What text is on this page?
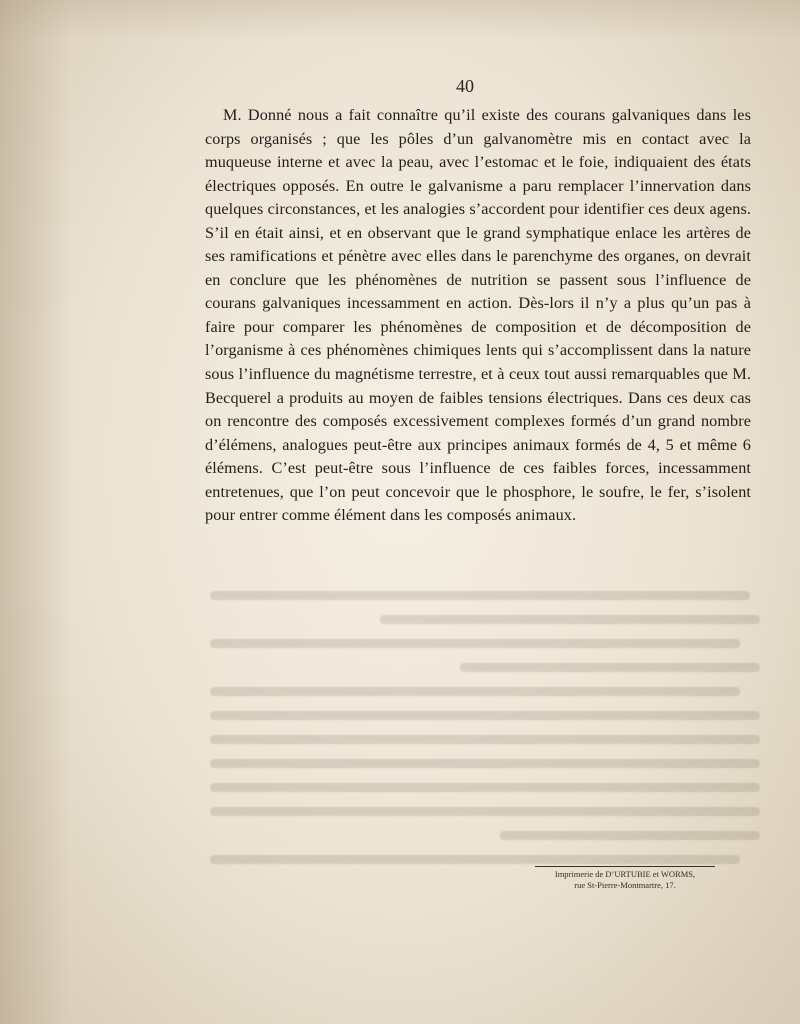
40

M. Donné nous a fait connaître qu’il existe des courans galvaniques dans les corps organisés ; que les pôles d’un galvanomètre mis en contact avec la muqueuse interne et avec la peau, avec l’estomac et le foie, indiquaient des états électriques opposés. En outre le galvanisme a paru remplacer l’innervation dans quelques circonstances, et les analogies s’accordent pour identifier ces deux agens. S’il en était ainsi, et en observant que le grand symphatique enlace les artères de ses ramifications et pénètre avec elles dans le parenchyme des organes, on devrait en conclure que les phénomènes de nutrition se passent sous l’influence de courans galvaniques incessamment en action. Dès-lors il n’y a plus qu’un pas à faire pour comparer les phénomènes de composition et de décomposition de l’organisme à ces phénomènes chimiques lents qui s’accomplissent dans la nature sous l’influence du magnétisme terrestre, et à ceux tout aussi remarquables que M. Becquerel a produits au moyen de faibles tensions électriques. Dans ces deux cas on rencontre des composés excessivement complexes formés d’un grand nombre d’élémens, analogues peut-être aux principes animaux formés de 4, 5 et même 6 élémens. C’est peut-être sous l’influence de ces faibles forces, incessamment entretenues, que l’on peut concevoir que le phosphore, le soufre, le fer, s’isolent pour entrer comme élément dans les composés animaux.

Imprimerie de D’URTUBIE et WORMS,
rue St-Pierre-Montmartre, 17.
